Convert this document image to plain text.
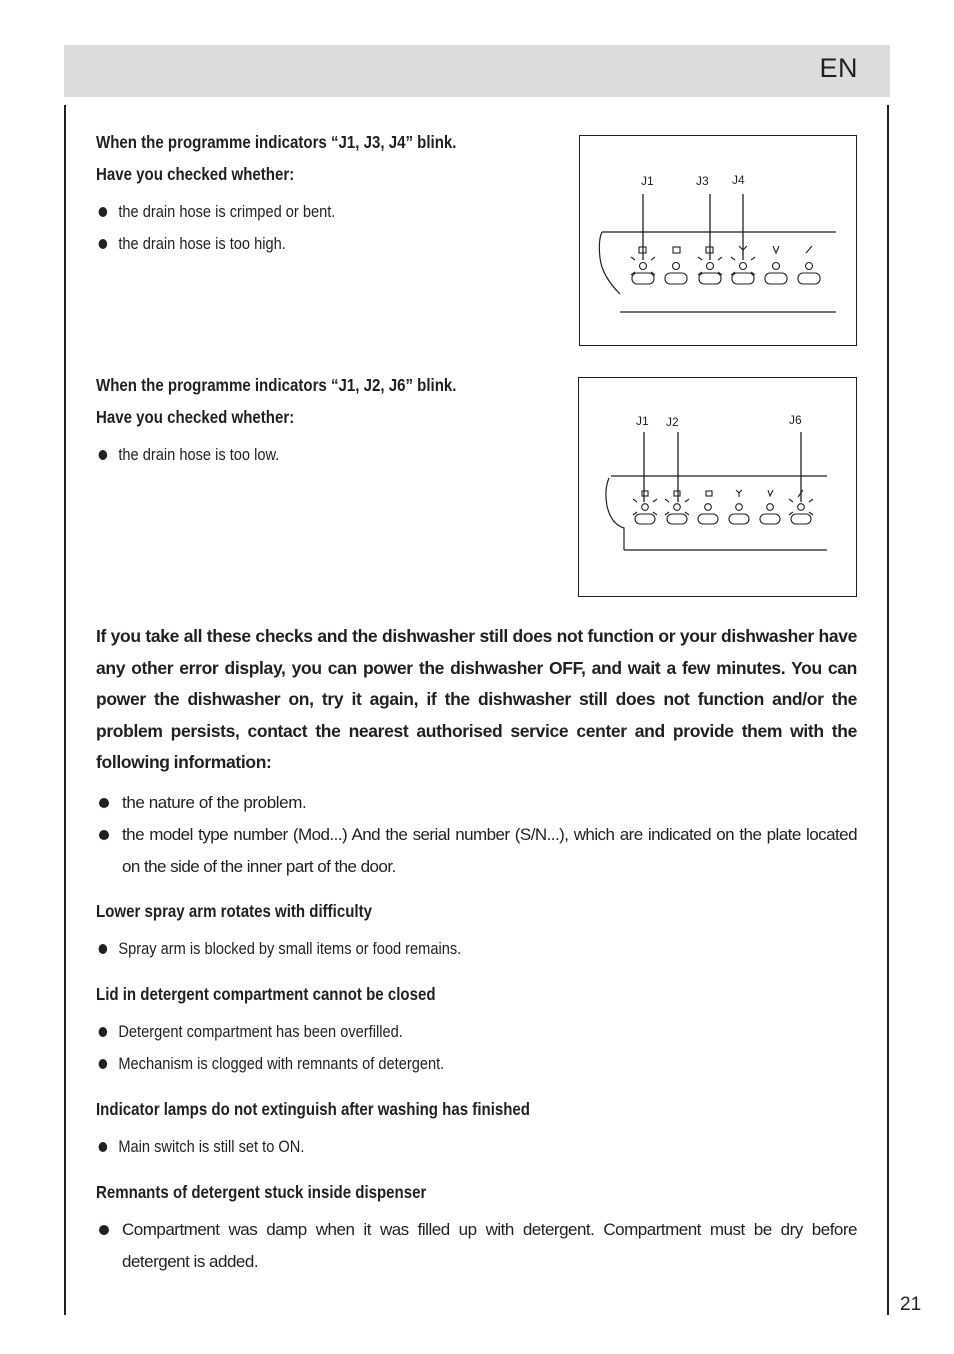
EN
When the programme indicators “J1, J3, J4” blink.
Have you checked whether:
the drain hose is crimped or bent.
the drain hose is too high.
J1	J3 J4
When the programme indicators “J1, J2, J6” blink.
Have you checked whether:
the drain hose is too low.
J1 J2	J6
If you take all these checks and the dishwasher still does not function or your dishwasher have any other error display, you can power the dishwasher OFF, and wait a few minutes. You can power the dishwasher on, try it again, if the dishwasher still does not function and/or the problem persists, contact the nearest authorised service center and provide them with the following information:
the nature of the problem.
the model type number (Mod...) And the serial number (S/N...), which are indicated on the plate located on the side of the inner part of the door.
Lower spray arm rotates with difficulty
Spray arm is blocked by small items or food remains.
Lid in detergent compartment cannot be closed
Detergent compartment has been overfilled.
Mechanism is clogged with remnants of detergent.
Indicator lamps do not extinguish after washing has finished
Main switch is still set to ON.
Remnants of detergent stuck inside dispenser
Compartment was damp when it was filled up with detergent. Compartment must be dry before detergent is added.
21
